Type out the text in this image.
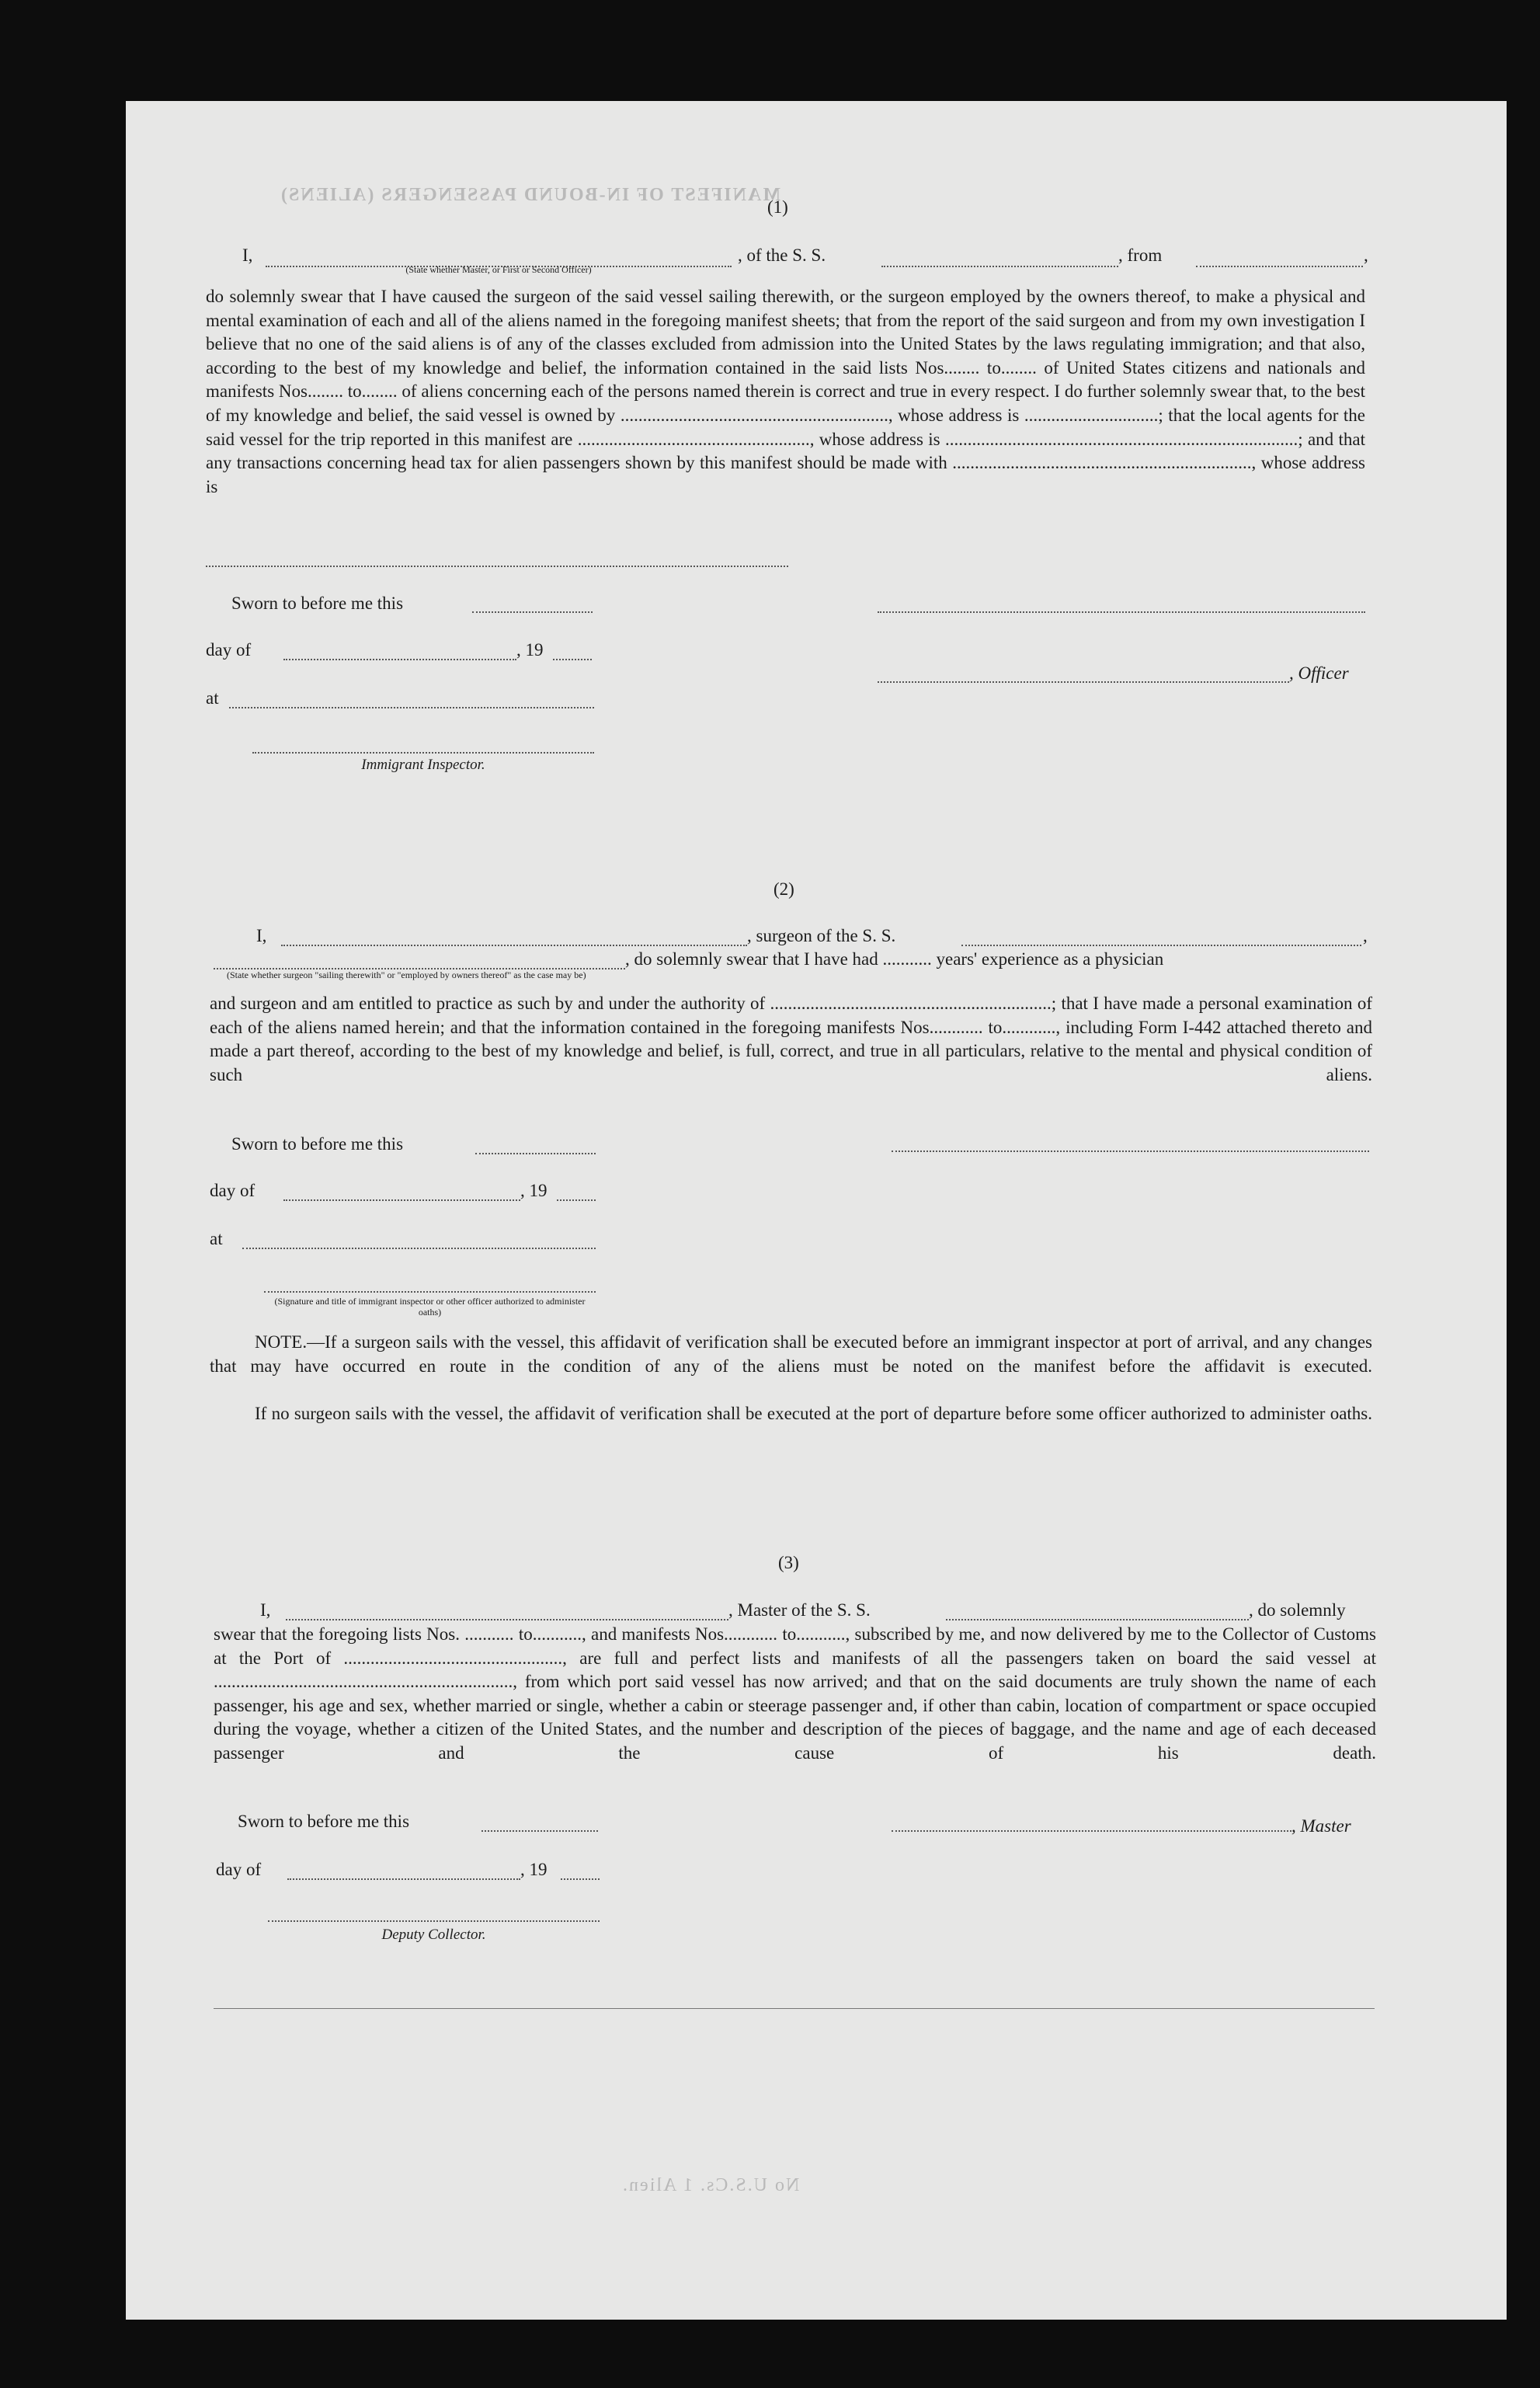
MANIFEST OF IN-BOUND PASSENGERS (ALIENS)
No U.S.Cs. 1 Alien.
(1)
I,	, of the S. S.	, from	,
(State whether Master, or First or Second Officer)
do solemnly swear that I have caused the surgeon of the said vessel sailing therewith, or the surgeon employed by the owners thereof, to make a physical and mental examination of each and all of the aliens named in the foregoing manifest sheets; that from the report of the said surgeon and from my own investigation I believe that no one of the said aliens is of any of the classes excluded from admission into the United States by the laws regulating immigration; and that also, according to the best of my knowledge and belief, the information contained in the said lists Nos........ to........ of United States citizens and nationals and manifests Nos........ to........ of aliens concerning each of the persons named therein is correct and true in every respect. I do further solemnly swear that, to the best of my knowledge and belief, the said vessel is owned by ............................................................, whose address is ..............................; that the local agents for the said vessel for the trip reported in this manifest are ...................................................., whose address is ...............................................................................; and that any transactions concerning head tax for alien passengers shown by this manifest should be made with ..................................................................., whose address is
Sworn to before me this
day of	, 19
, Officer
at
Immigrant Inspector.
(2)
I,	, surgeon of the S. S.	,
, do solemnly swear that I have had ........... years' experience as a physician
(State whether surgeon "sailing therewith" or "employed by owners thereof" as the case may be)
and surgeon and am entitled to practice as such by and under the authority of ...............................................................; that I have made a personal examination of each of the aliens named herein; and that the information contained in the foregoing manifests Nos............ to............, including Form I-442 attached thereto and made a part thereof, according to the best of my knowledge and belief, is full, correct, and true in all particulars, relative to the mental and physical condition of such aliens.
Sworn to before me this
day of	, 19
at
(Signature and title of immigrant inspector or other officer authorized to administer oaths)
NOTE.—If a surgeon sails with the vessel, this affidavit of verification shall be executed before an immigrant inspector at port of arrival, and any changes that may have occurred en route in the condition of any of the aliens must be noted on the manifest before the affidavit is executed.
If no surgeon sails with the vessel, the affidavit of verification shall be executed at the port of departure before some officer authorized to administer oaths.
(3)
I,	, Master of the S. S.	, do solemnly
swear that the foregoing lists Nos. ........... to..........., and manifests Nos............ to..........., subscribed by me, and now delivered by me to the Collector of Customs at the Port of ................................................., are full and perfect lists and manifests of all the passengers taken on board the said vessel at ..................................................................., from which port said vessel has now arrived; and that on the said documents are truly shown the name of each passenger, his age and sex, whether married or single, whether a cabin or steerage passenger and, if other than cabin, location of compartment or space occupied during the voyage, whether a citizen of the United States, and the number and description of the pieces of baggage, and the name and age of each deceased passenger and the cause of his death.
Sworn to before me this	, Master
day of	, 19
Deputy Collector.
